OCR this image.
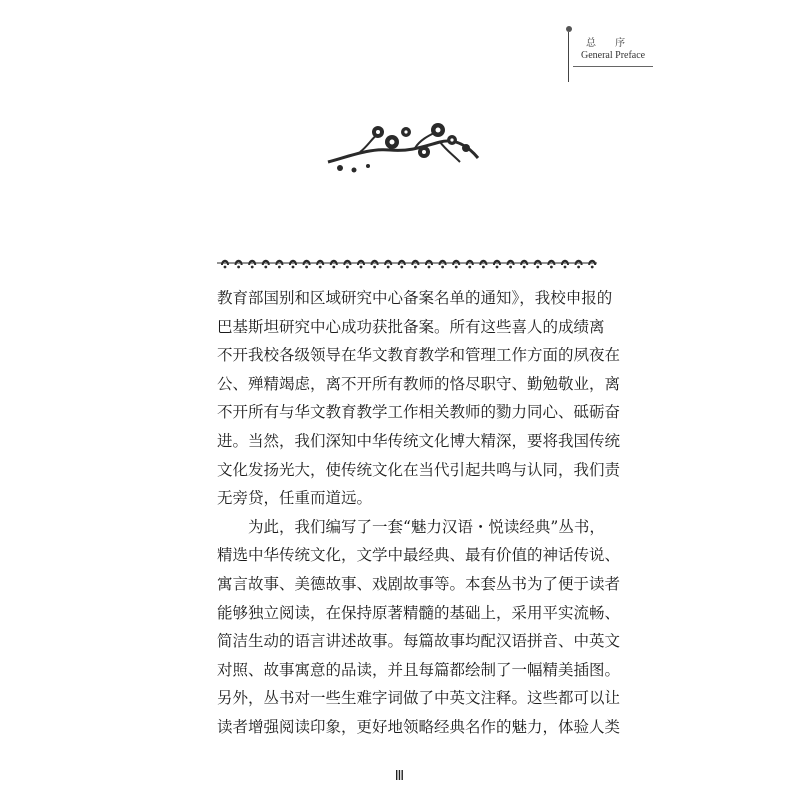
总 序
General Preface
教育部国别和区域研究中心备案名单的通知》，我校申报的
巴基斯坦研究中心成功获批备案。所有这些喜人的成绩离
不开我校各级领导在华文教育教学和管理工作方面的夙夜在
公、殚精竭虑，离不开所有教师的恪尽职守、勤勉敬业，离
不开所有与华文教育教学工作相关教师的勠力同心、砥砺奋
进。当然，我们深知中华传统文化博大精深，要将我国传统
文化发扬光大，使传统文化在当代引起共鸣与认同，我们责
无旁贷，任重而道远。
为此，我们编写了一套“魅力汉语・悦读经典”丛书，
精选中华传统文化，文学中最经典、最有价值的神话传说、
寓言故事、美德故事、戏剧故事等。本套丛书为了便于读者
能够独立阅读，在保持原著精髓的基础上，采用平实流畅、
简洁生动的语言讲述故事。每篇故事均配汉语拼音、中英文
对照、故事寓意的品读，并且每篇都绘制了一幅精美插图。
另外，丛书对一些生难字词做了中英文注释。这些都可以让
读者增强阅读印象，更好地领略经典名作的魅力，体验人类
Ⅲ
